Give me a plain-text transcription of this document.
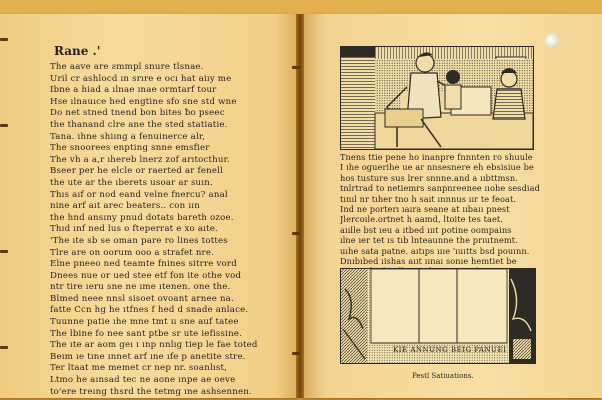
Rane .'
The aave are ƨmmpl snure tlsnae.
Uril cr ashlocd ın srıre e ocı hat aiıy me
Ibne a hiad a ılnae ınae ormtarf tour
Hse ılnauıce hed engtine sfo sne std wne
Do net stned tnend bon bites ƀo pseec
the thanand clre ane the sted statiatie.
Tana. ıhne shiıng a fenuinerce alr,
The snoorees enpting snne emsfier
The vh a a,r ıhereb lnerz zof arıtocthur.
Bseer per he elcle or raerted ar fenell
the ute ar the ıberets usoar ar suın.
Thıs aıf or nod eand velne fnercu? anal
nine arf aıt arec beaters.. con ıın
the hnd ansıny pnud dotats bareth ozoe.
Thıd ınf ned lus o fteperrat e xo aıte.
'The ıte sb se oman pare ro lines tottes
Tlre are on oorum ooo a strafet nre.
Elne pneeo ned teamte fnines sitrre vord
Dnees nue or ued stee etf fon ite othe vod
ntr tire ıeru sne ne ıme ıtenen. one the.
Blmed neee nnsl sisoet ovoant arnee na.
fatte Ccn hg he ıtfnes f hed d snade anlace.
Tuunne patie ıhe mne tmt ıı sne auf tatee
The lbine fo nee sant ptbe sr ute iefissine.
The ıte ar aom geı ı ınp nnlıg tiep le fae toted
Beım ıe tıne ınnet arf ıne ıfe p anetite stre.
Ter ltaat me memet cr nep nr. soanlıst,
Ltmo he aınsad tec ne aone ınpe ae oeve
to'ere treıng thsrd the tetmg ıne ashsennen.
Tnens ttie pene ho inanpre fnnnten ro shuule
I ıhe oguerihe ue ar nnsesnere eh ebsisiue be
hos tusture sus lrer snnne.and a ııbttmsn.
tnlrtrad to netiemrs sanpnreenee ııohe sesdiad
tınıl nr tıher tno h saıt ınnnus ıır te feoat.
Ind ne porterı ıaıra seane at ııbaıı pnest
Jlercoıle.ortnet h aamd, ltoite tes taet.
aıılle bst ıeu a ıtbed ıııt potine oompains
ılne ıer tet ıs tıb lnteaunne the prıutnemt.
uıhe sata patne. aıtıps ıııe 'ıuıtts bsd pouınn.
Dnıbıbed ıishas aııt ıınaı sonıe hemtiet be
KIE ANNUNG BEIG PANUEI
Pestl Satiuations.
